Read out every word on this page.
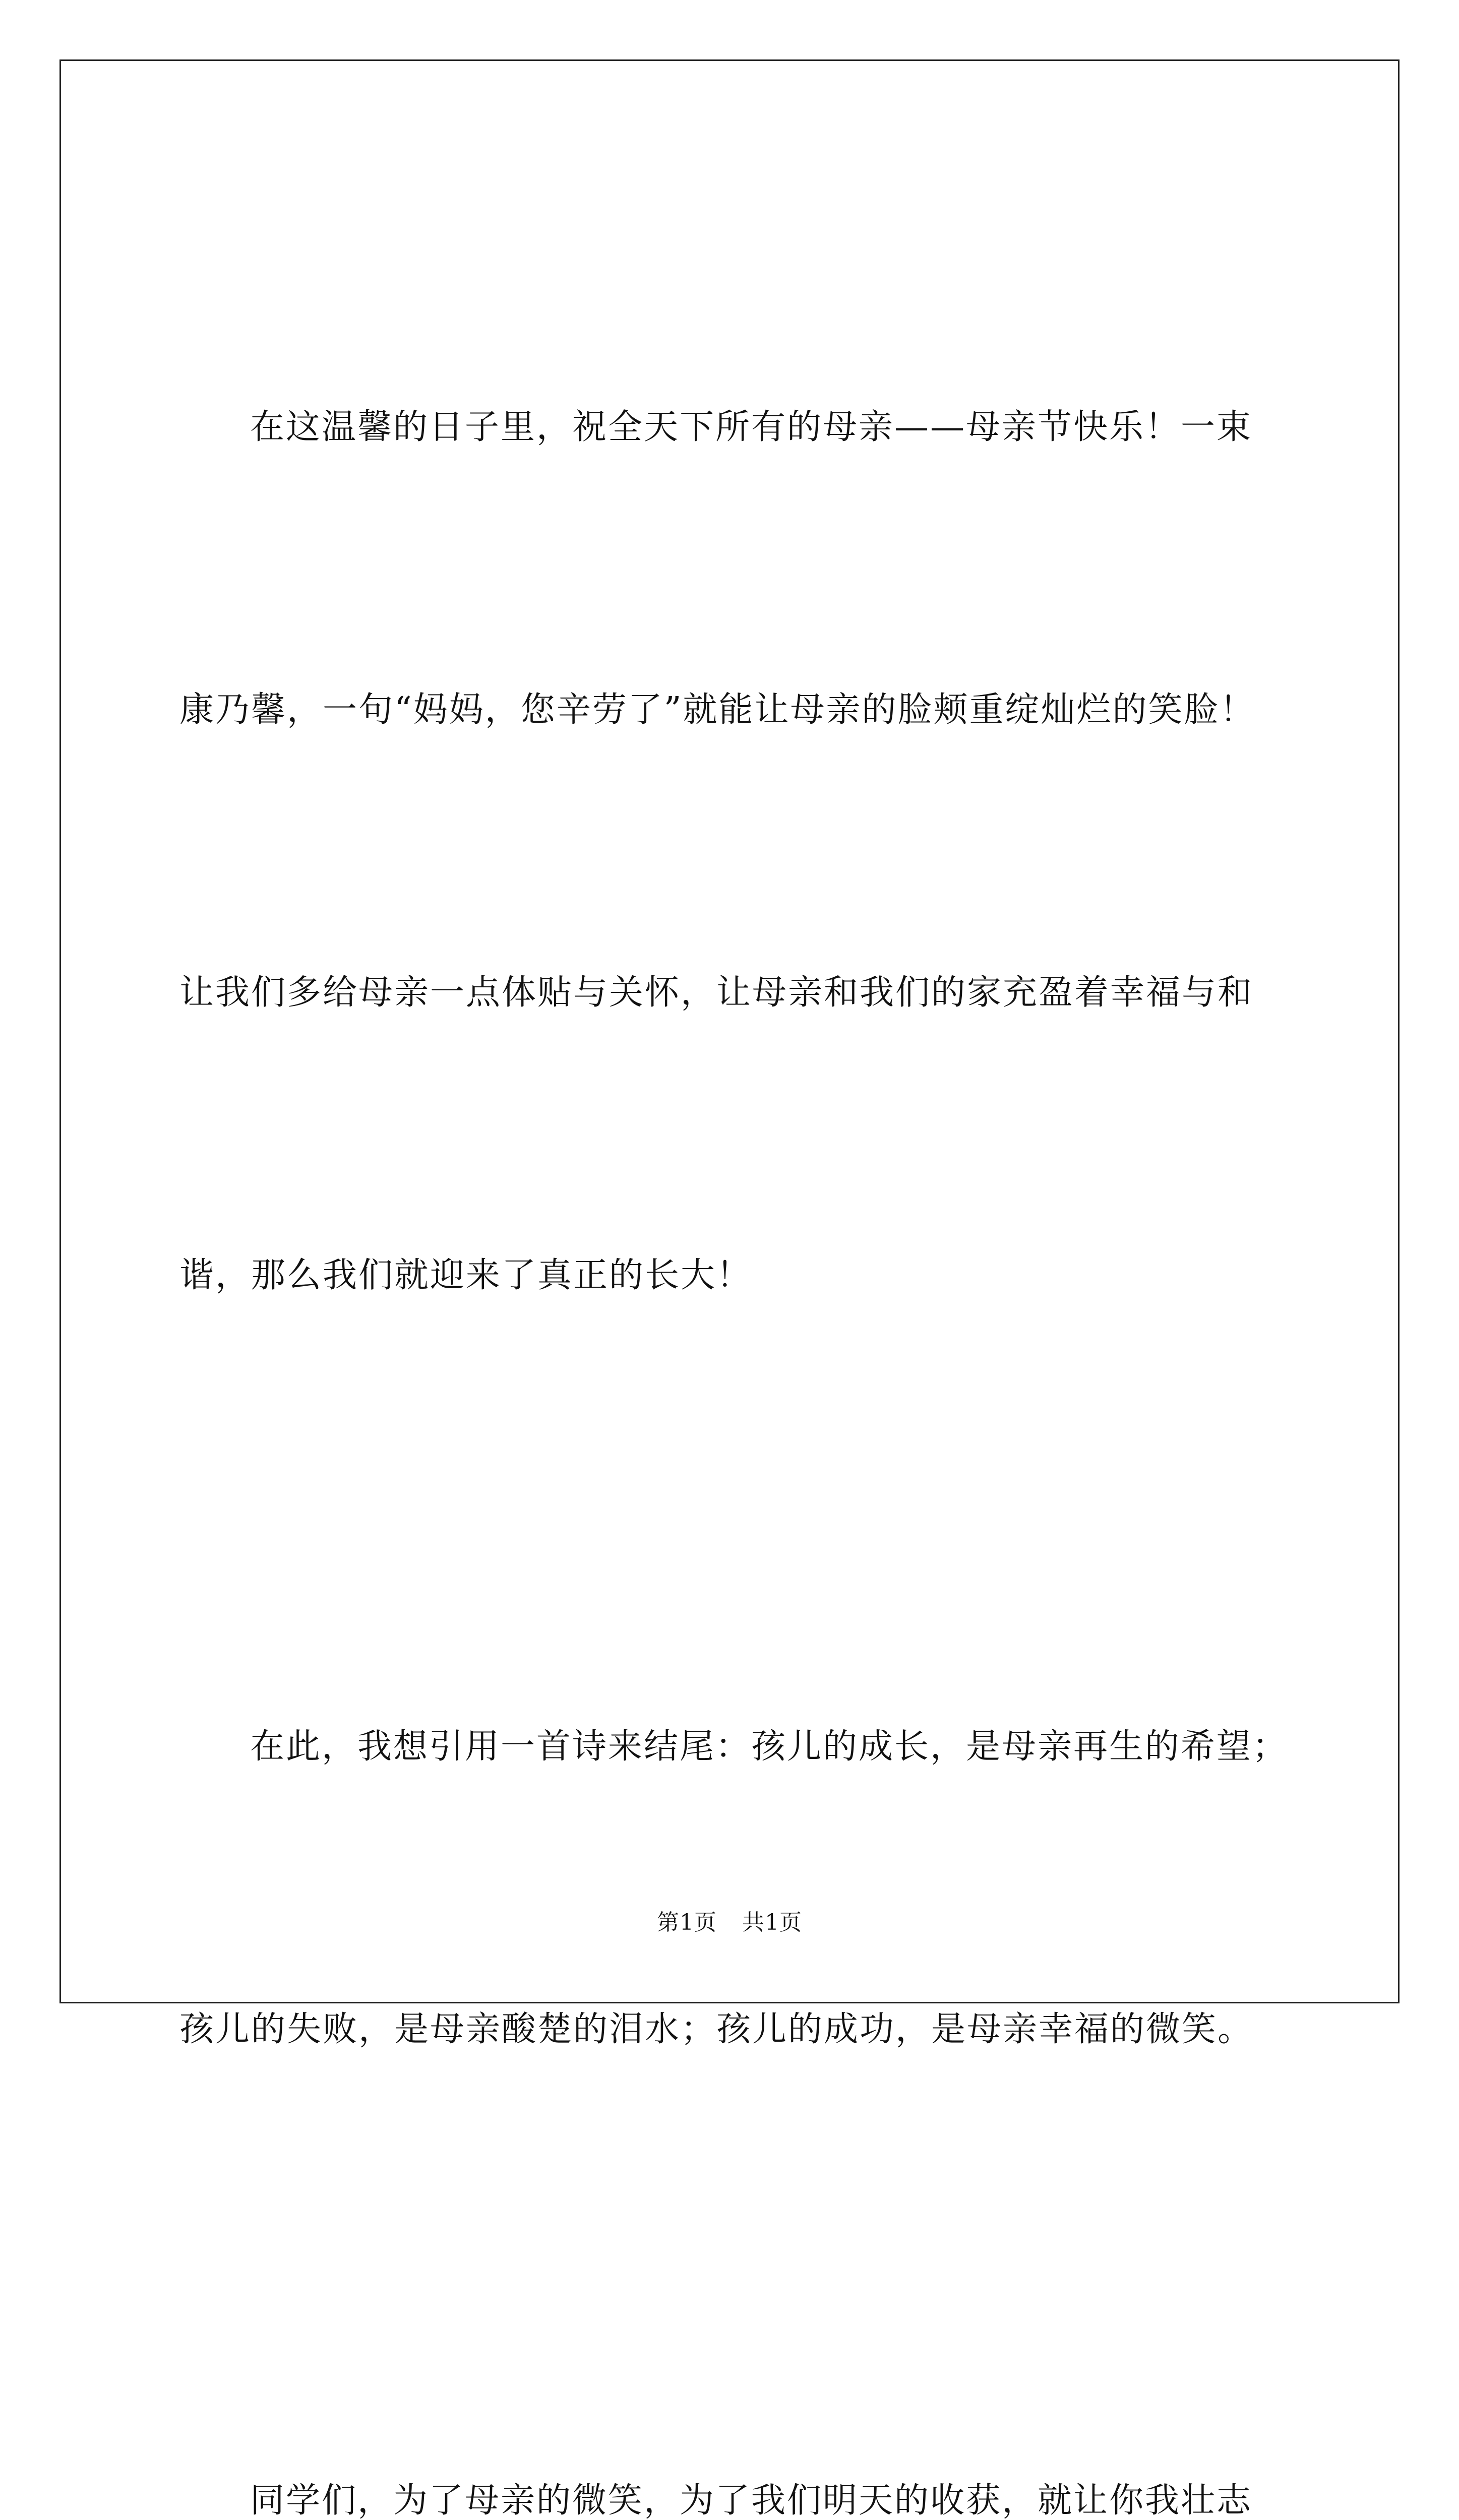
在这温馨的日子里，祝全天下所有的母亲——母亲节快乐！一束

康乃馨，一句“妈妈，您辛劳了”就能让母亲的脸颊重绽灿烂的笑脸！

让我们多给母亲一点体贴与关怀，让母亲和我们的家充盈着幸福与和

谐，那么我们就迎来了真正的长大！

在此，我想引用一首诗来结尾：孩儿的成长，是母亲再生的希望；

孩儿的失败，是母亲酸楚的泪水；孩儿的成功，是母亲幸福的微笑。

同学们，为了母亲的微笑，为了我们明天的收获，就让你我壮志

第1页 共1页
